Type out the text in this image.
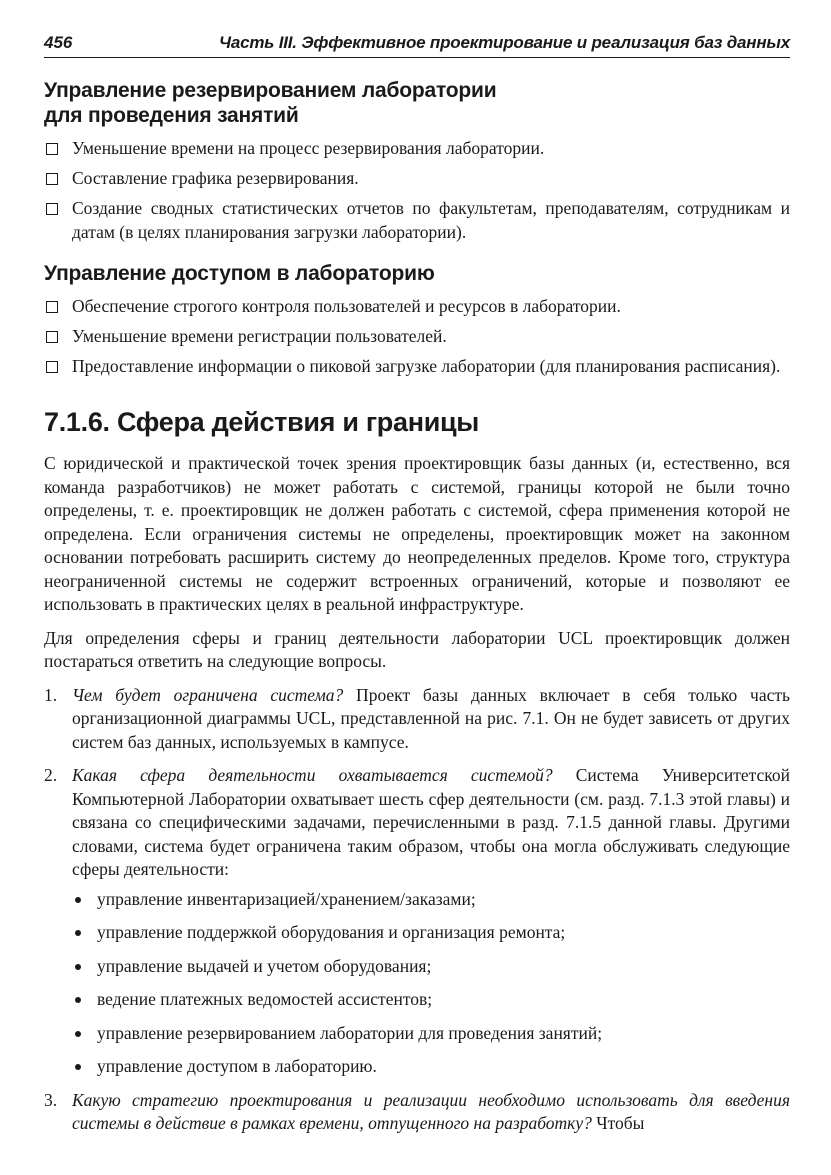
456	Часть III. Эффективное проектирование и реализация баз данных
Управление резервированием лаборатории
для проведения занятий
Уменьшение времени на процесс резервирования лаборатории.
Составление графика резервирования.
Создание сводных статистических отчетов по факультетам, преподавателям, сотрудникам и датам (в целях планирования загрузки лаборатории).
Управление доступом в лабораторию
Обеспечение строгого контроля пользователей и ресурсов в лаборатории.
Уменьшение времени регистрации пользователей.
Предоставление информации о пиковой загрузке лаборатории (для планирования расписания).
7.1.6. Сфера действия и границы

С юридической и практической точек зрения проектировщик базы данных (и, естественно, вся команда разработчиков) не может работать с системой, границы которой не были точно определены, т. е. проектировщик не должен работать с системой, сфера применения которой не определена. Если ограничения системы не определены, проектировщик может на законном основании потребовать расширить систему до неопределенных пределов. Кроме того, структура неограниченной системы не содержит встроенных ограничений, которые и позволяют ее использовать в практических целях в реальной инфраструктуре.

Для определения сферы и границ деятельности лаборатории UCL проектировщик должен постараться ответить на следующие вопросы.

1. Чем будет ограничена система? Проект базы данных включает в себя только часть организационной диаграммы UCL, представленной на рис. 7.1. Он не будет зависеть от других систем баз данных, используемых в кампусе.
2. Какая сфера деятельности охватывается системой? Система Университетской Компьютерной Лаборатории охватывает шесть сфер деятельности (см. разд. 7.1.3 этой главы) и связана со специфическими задачами, перечисленными в разд. 7.1.5 данной главы. Другими словами, система будет ограничена таким образом, чтобы она могла обслуживать следующие сферы деятельности:
управление инвентаризацией/хранением/заказами;
управление поддержкой оборудования и организация ремонта;
управление выдачей и учетом оборудования;
ведение платежных ведомостей ассистентов;
управление резервированием лаборатории для проведения занятий;
управление доступом в лабораторию.
3. Какую стратегию проектирования и реализации необходимо использовать для введения системы в действие в рамках времени, отпущенного на разработку? Чтобы
